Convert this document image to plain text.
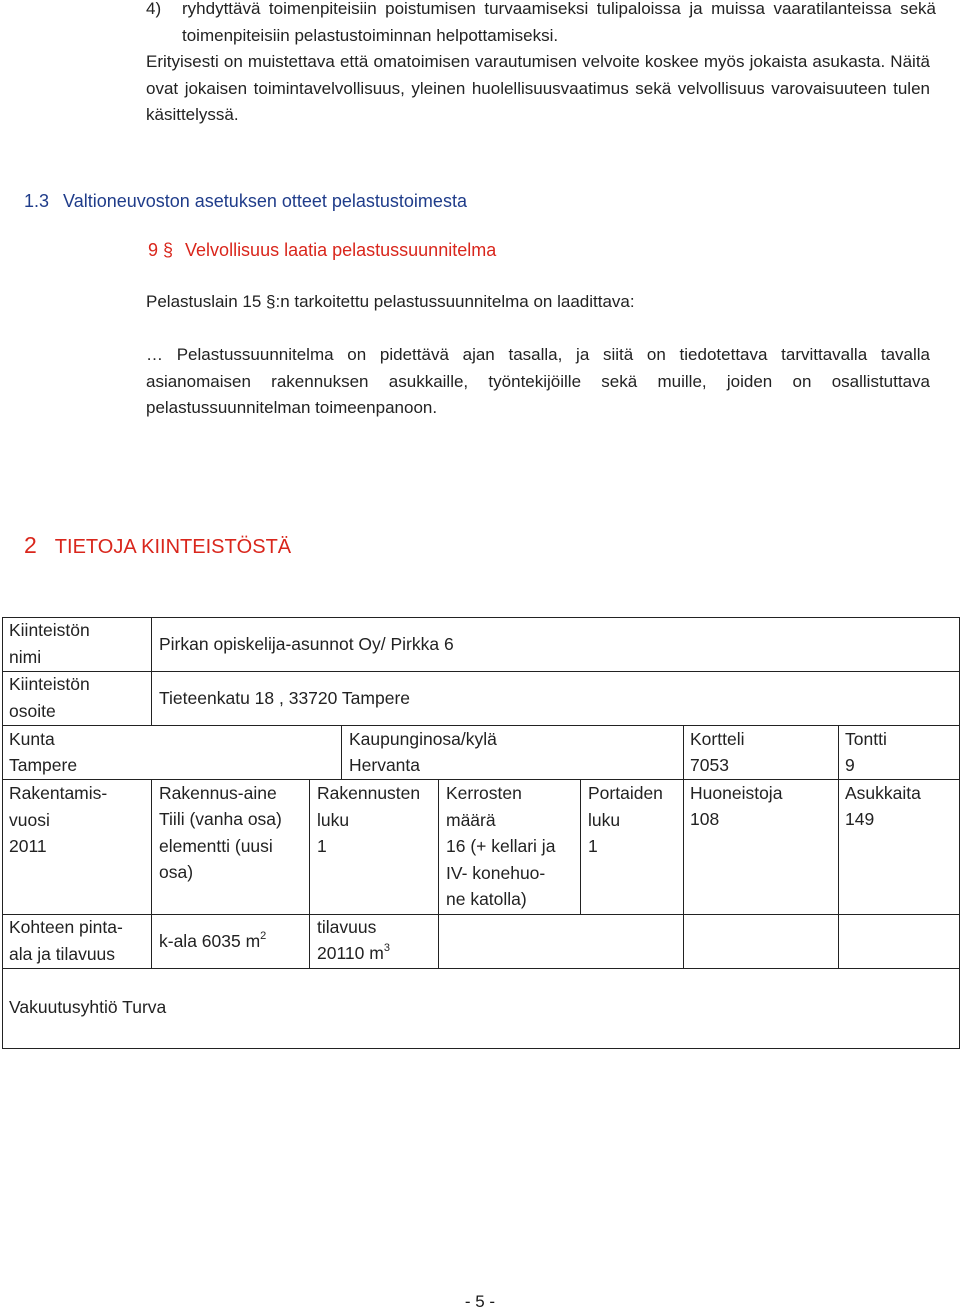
4) ryhdyttävä toimenpiteisiin poistumisen turvaamiseksi tulipaloissa ja muissa vaaratilanteissa sekä toimenpiteisiin pelastustoiminnan helpottamiseksi.
Erityisesti on muistettava että omatoimisen varautumisen velvoite koskee myös jokaista asukasta. Näitä ovat jokaisen toimintavelvollisuus, yleinen huolellisuusvaatimus sekä velvollisuus varovaisuuteen tulen käsittelyssä.
1.3 Valtioneuvoston asetuksen otteet pelastustoimesta
9 § Velvollisuus laatia pelastussuunnitelma
Pelastuslain 15 §:n tarkoitettu pelastussuunnitelma on laadittava:
… Pelastussuunnitelma on pidettävä ajan tasalla, ja siitä on tiedotettava tarvittavalla tavalla asianomaisen rakennuksen asukkaille, työntekijöille sekä muille, joiden on osallistuttava pelastussuunnitelman toimeenpanoon.
2 TIETOJA KIINTEISTÖSTÄ
Kiinteistön
nimi
Pirkan opiskelija-asunnot Oy/ Pirkka 6
Kiinteistön
osoite
Tieteenkatu 18 , 33720 Tampere
Kunta
Tampere
Kaupunginosa/kylä
Hervanta
Kortteli
7053
Tontti
9
Rakentamis-
vuosi
2011
Rakennus-aine
Tiili (vanha osa)
elementti (uusi
osa)
Rakennusten
luku
1
Kerrosten
määrä
16 (+ kellari ja
IV- konehuo-
ne katolla)
Portaiden
luku
1
Huoneistoja
108
Asukkaita
149
Kohteen pinta-
ala ja tilavuus
k-ala 6035 $m^2$	tilavuus
20110 $m^3$
Vakuutusyhtiö Turva
- 5 -
